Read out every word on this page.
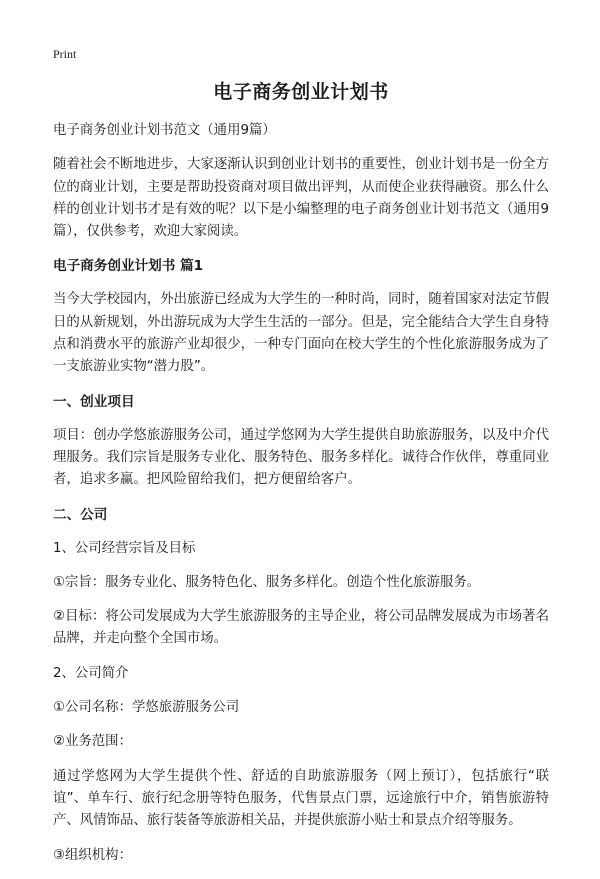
Print
电子商务创业计划书
电子商务创业计划书范文（通用9篇）
随着社会不断地进步，大家逐渐认识到创业计划书的重要性，创业计划书是一份全方位的商业计划，主要是帮助投资商对项目做出评判，从而使企业获得融资。那么什么样的创业计划书才是有效的呢？以下是小编整理的电子商务创业计划书范文（通用9篇），仅供参考，欢迎大家阅读。
电子商务创业计划书 篇1
当今大学校园内，外出旅游已经成为大学生的一种时尚，同时，随着国家对法定节假日的从新规划，外出游玩成为大学生生活的一部分。但是，完全能结合大学生自身特点和消费水平的旅游产业却很少，一种专门面向在校大学生的个性化旅游服务成为了一支旅游业实物“潜力股”。
一、创业项目
项目：创办学悠旅游服务公司，通过学悠网为大学生提供自助旅游服务，以及中介代理服务。我们宗旨是服务专业化、服务特色、服务多样化。诚待合作伙伴，尊重同业者，追求多赢。把风险留给我们，把方便留给客户。
二、公司
1、公司经营宗旨及目标
①宗旨：服务专业化、服务特色化、服务多样化。创造个性化旅游服务。
②目标：将公司发展成为大学生旅游服务的主导企业，将公司品牌发展成为市场著名品牌，并走向整个全国市场。
2、公司简介
①公司名称：学悠旅游服务公司
②业务范围：
通过学悠网为大学生提供个性、舒适的自助旅游服务（网上预订），包括旅行“联谊”、单车行、旅行纪念册等特色服务，代售景点门票，远途旅行中介，销售旅游特产、风情饰品、旅行装备等旅游相关品，并提供旅游小贴士和景点介绍等服务。
③组织机构：
